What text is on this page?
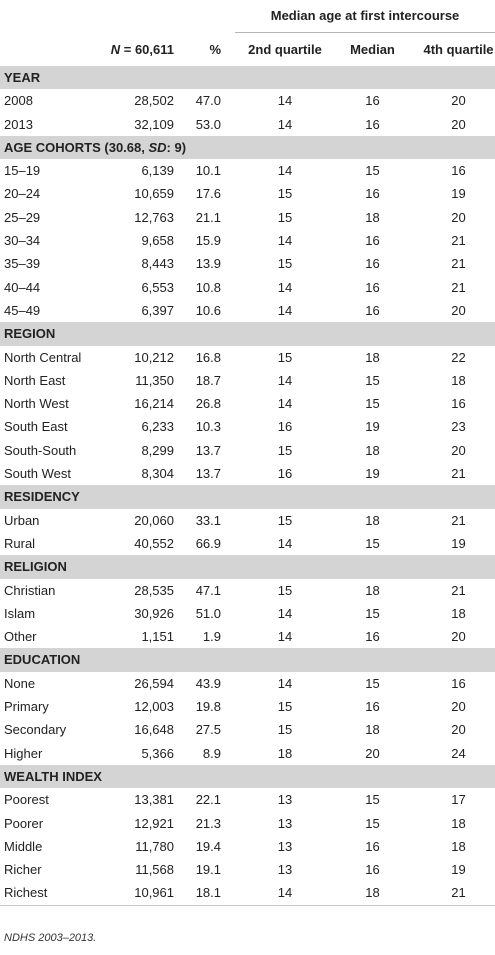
			Median age at first intercourse		
	N = 60,611	%	2nd quartile	Median	4th quartile
YEAR					
2008	28,502	47.0	14	16	20
2013	32,109	53.0	14	16	20
AGE COHORTS (30.68, SD: 9)					
15–19	6,139	10.1	14	15	16
20–24	10,659	17.6	15	16	19
25–29	12,763	21.1	15	18	20
30–34	9,658	15.9	14	16	21
35–39	8,443	13.9	15	16	21
40–44	6,553	10.8	14	16	21
45–49	6,397	10.6	14	16	20
REGION					
North Central	10,212	16.8	15	18	22
North East	11,350	18.7	14	15	18
North West	16,214	26.8	14	15	16
South East	6,233	10.3	16	19	23
South-South	8,299	13.7	15	18	20
South West	8,304	13.7	16	19	21
RESIDENCY					
Urban	20,060	33.1	15	18	21
Rural	40,552	66.9	14	15	19
RELIGION					
Christian	28,535	47.1	15	18	21
Islam	30,926	51.0	14	15	18
Other	1,151	1.9	14	16	20
EDUCATION					
None	26,594	43.9	14	15	16
Primary	12,003	19.8	15	16	20
Secondary	16,648	27.5	15	18	20
Higher	5,366	8.9	18	20	24
WEALTH INDEX					
Poorest	13,381	22.1	13	15	17
Poorer	12,921	21.3	13	15	18
Middle	11,780	19.4	13	16	18
Richer	11,568	19.1	13	16	19
Richest	10,961	18.1	14	18	21
NDHS 2003–2013.
